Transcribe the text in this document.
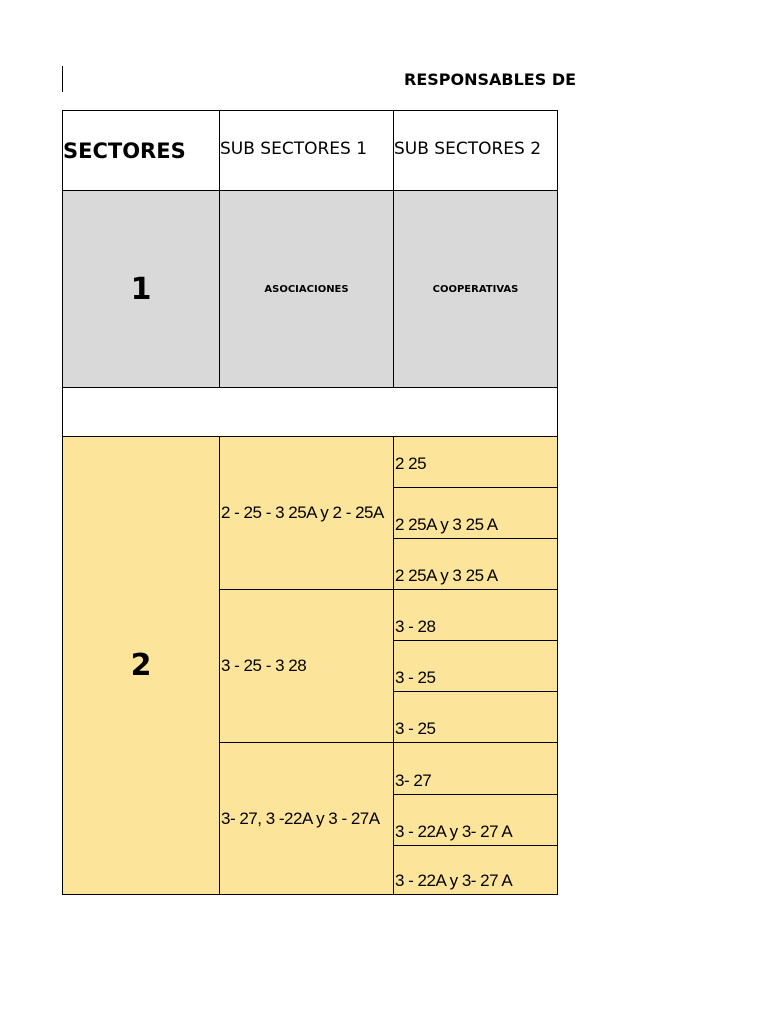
RESPONSABLES DE
SECTORES SUB SECTORES 1 SUB SECTORES 2
1	ASOCIACIONES	COOPERATIVAS
2
2 - 25 - 3 25A y 2 - 25A
2 25
2 25A y 3 25 A
2 25A y 3 25 A
3 - 25 - 3 28
3 - 28
3 - 25
3 - 25
3- 27, 3 -22A y 3 - 27A
3- 27
3 - 22A y 3- 27 A
3 - 22A y 3- 27 A
